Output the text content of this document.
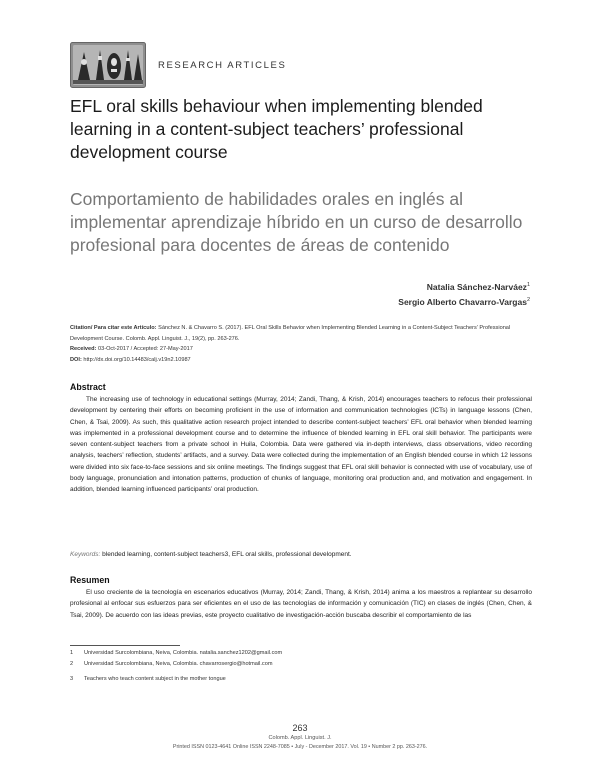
RESEARCH ARTICLES
EFL oral skills behaviour when implementing blended learning in a content-subject teachers’ professional development course
Comportamiento de habilidades orales en inglés al implementar aprendizaje híbrido en un curso de desarrollo profesional para docentes de áreas de contenido
Natalia Sánchez-Narváez$^1$
Sergio Alberto Chavarro-Vargas$^2$
Citation/ Para citar este Artículo: Sánchez N. & Chavarro S. (2017). EFL Oral Skills Behavior when Implementing Blended Learning in a Content-Subject Teachers’ Professional Development Course. Colomb. Appl. Linguist. J., 19(2), pp. 263-276.
Received: 03-Oct-2017 / Accepted: 27-May-2017
DOI: http://dx.doi.org/10.14483/calj.v19n2.10987
Abstract
The increasing use of technology in educational settings (Murray, 2014; Zandi, Thang, & Krish, 2014) encourages teachers to refocus their professional development by centering their efforts on becoming proficient in the use of information and communication technologies (ICTs) in language lessons (Chen, Chen, & Tsai, 2009). As such, this qualitative action research project intended to describe content-subject teachers’ EFL oral behavior when blended learning was implemented in a professional development course and to determine the influence of blended learning in EFL oral skill behavior. The participants were seven content-subject teachers from a private school in Huila, Colombia. Data were gathered via in-depth interviews, class observations, video recording analysis, teachers’ reflection, students’ artifacts, and a survey. Data were collected during the implementation of an English blended course in which 12 lessons were divided into six face-to-face sessions and six online meetings. The findings suggest that EFL oral skill behavior is connected with use of vocabulary, use of body language, pronunciation and intonation patterns, production of chunks of language, monitoring oral production and, and motivation and engagement. In addition, blended learning influenced participants’ oral production.
Keywords: blended learning, content-subject teachers3, EFL oral skills, professional development.
Resumen
El uso creciente de la tecnología en escenarios educativos (Murray, 2014; Zandi, Thang, & Krish, 2014) anima a los maestros a replantear su desarrollo profesional al enfocar sus esfuerzos para ser eficientes en el uso de las tecnologías de información y comunicación (TIC) en clases de inglés (Chen, Chen, & Tsai, 2009). De acuerdo con las ideas previas, este proyecto cualitativo de investigación-acción buscaba describir el comportamiento de las
1 Universidad Surcolombiana, Neiva, Colombia. natalia.sanchez1202@gmail.com
2 Universidad Surcolombiana, Neiva, Colombia. chavarrosergio@hotmail.com
3 Teachers who teach content subject in the mother tongue
263
Colomb. Appl. Linguist. J.
Printed ISSN 0123-4641 Online ISSN 2248-7085 • July - December 2017. Vol. 19 • Number 2 pp. 263-276.
